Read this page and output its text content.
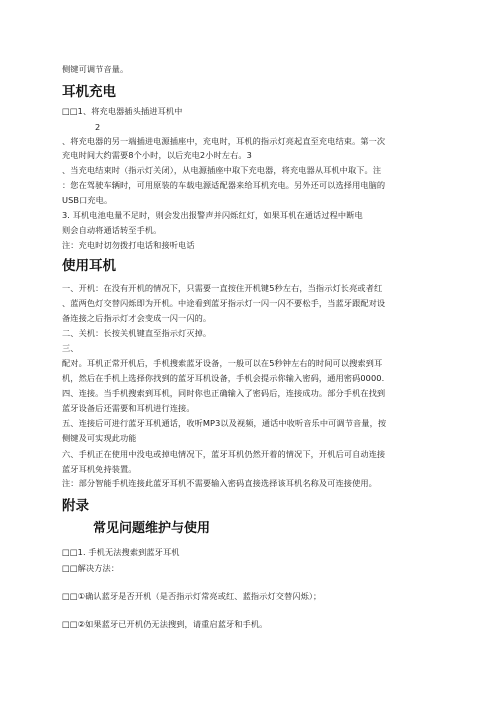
侧键可调节音量。
耳机充电
□□1、将充电器插头插进耳机中
2
、将充电器的另一端插进电源插座中，充电时，耳机的指示灯亮起直至充电结束。第一次
充电时间大约需要8个小时，以后充电2小时左右。3
、当充电结束时（指示灯关闭），从电源插座中取下充电器，将充电器从耳机中取下。注
：您在驾驶车辆时，可用原装的车载电源适配器来给耳机充电。另外还可以选择用电脑的
USB口充电。
3. 耳机电池电量不足时，则会发出报警声并闪烁红灯，如果耳机在通话过程中断电
则会自动将通话转至手机。
注：充电时切勿拨打电话和接听电话
使用耳机
一、开机：在没有开机的情况下，只需要一直按住开机键5秒左右，当指示灯长亮或者红
、蓝两色灯交替闪烁即为开机。中途看到蓝牙指示灯一闪一闪不要松手，当蓝牙跟配对设
备连接之后指示灯才会变成一闪一闪的。
二、关机：长按关机键直至指示灯灭掉。
三、
配对。耳机正常开机后，手机搜索蓝牙设备，一般可以在5秒钟左右的时间可以搜索到耳
机，然后在手机上选择你找到的蓝牙耳机设备，手机会提示你输入密码，通用密码0000.
四、连接。当手机搜索到耳机，同时你也正确输入了密码后，连接成功。部分手机在找到
蓝牙设备后还需要和耳机进行连接。
五、连接后可进行蓝牙耳机通话，收听MP3以及视频，通话中收听音乐中可调节音量，按
侧键及可实现此功能
六、手机正在使用中没电或掉电情况下，蓝牙耳机仍然开着的情况下，开机后可自动连接
蓝牙耳机免持装置。
注：部分智能手机连接此蓝牙耳机不需要输入密码直接选择该耳机名称及可连接使用。
附录
常见问题维护与使用
□□1. 手机无法搜索到蓝牙耳机
□□解决方法：
□□①确认蓝牙是否开机（是否指示灯常亮或红、蓝指示灯交替闪烁）；
□□②如果蓝牙已开机仍无法搜到，请重启蓝牙和手机。
